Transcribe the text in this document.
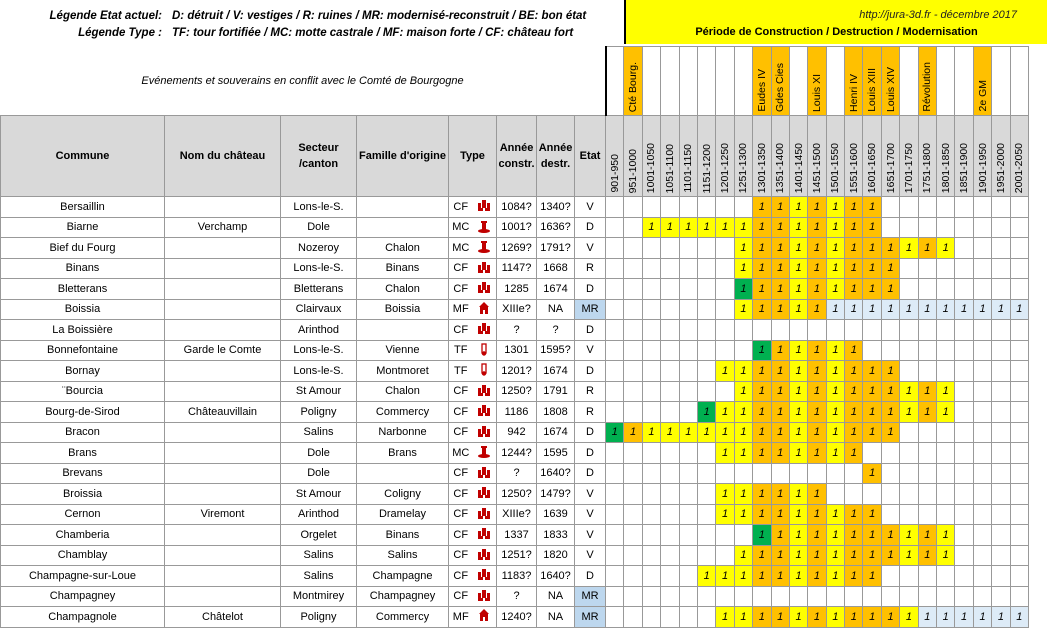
Légende Etat actuel: D: détruit / V: vestiges / R: ruines / MR: modernisé-reconstruit / BE: bon état
Légende Type : TF: tour fortifiée / MC: motte castrale / MF: maison forte / CF: château fort
http://jura-3d.fr - décembre 2017
Période de Construction / Destruction / Modernisation
Evénements et souverains en conflit avec le Comté de Bourgogne										Cté Bourg.							Eudes IV	Gdes Cies		Louis XI		Henri IV	Louis XIII	Louis XIV		Révolution			2e GM		
Commune	Nom du château	Secteur /canton	Famille d'origine	Type		Année constr.	Année destr.	Etat	901-950	951-1000	1001-1050	1051-1100	1101-1150	1151-1200	1201-1250	1251-1300	1301-1350	1351-1400	1401-1450	1451-1500	1501-1550	1551-1600	1601-1650	1651-1700	1701-1750	1751-1800	1801-1850	1851-1900	1901-1950	1951-2000	2001-2050
Bersaillin		Lons-le-S.		CF		1084?	1340?	V									1	1	1	1	1	1	1								
Biarne	Verchamp	Dole		MC		1001?	1636?	D			1	1	1	1	1	1	1	1	1	1	1	1	1								
Bief du Fourg		Nozeroy	Chalon	MC		1269?	1791?	V								1	1	1	1	1	1	1	1	1	1	1	1				
Binans		Lons-le-S.	Binans	CF		1147?	1668	R								1	1	1	1	1	1	1	1	1							
Bletterans		Bletterans	Chalon	CF		1285	1674	D								1	1	1	1	1	1	1	1	1							
Boissia		Clairvaux	Boissia	MF		XIIIe?	NA	MR								1	1	1	1	1	1	1	1	1	1	1	1	1	1	1	1
La Boissière		Arinthod		CF		?	?	D																							
Bonnefontaine	Garde le Comte	Lons-le-S.	Vienne	TF		1301	1595?	V									1	1	1	1	1	1									
Bornay		Lons-le-S.	Montmoret	TF		1201?	1674	D							1	1	1	1	1	1	1	1	1	1							
¨Bourcia		St Amour	Chalon	CF		1250?	1791	R								1	1	1	1	1	1	1	1	1	1	1	1				
Bourg-de-Sirod	Châteauvillain	Poligny	Commercy	CF		1186	1808	R						1	1	1	1	1	1	1	1	1	1	1	1	1	1				
Bracon		Salins	Narbonne	CF		942	1674	D	1	1	1	1	1	1	1	1	1	1	1	1	1	1	1	1							
Brans		Dole	Brans	MC		1244?	1595	D							1	1	1	1	1	1	1	1									
Brevans		Dole		CF		?	1640?	D															1								
Broissia		St Amour	Coligny	CF		1250?	1479?	V							1	1	1	1	1	1											
Cernon	Viremont	Arinthod	Dramelay	CF		XIIIe?	1639	V							1	1	1	1	1	1	1	1	1								
Chamberia		Orgelet	Binans	CF		1337	1833	V									1	1	1	1	1	1	1	1	1	1	1				
Chamblay		Salins	Salins	CF		1251?	1820	V								1	1	1	1	1	1	1	1	1	1	1	1				
Champagne-sur-Loue		Salins	Champagne	CF		1183?	1640?	D						1	1	1	1	1	1	1	1	1	1								
Champagney		Montmirey	Champagney	CF		?	NA	MR																							
Champagnole	Châtelot	Poligny	Commercy	MF		1240?	NA	MR							1	1	1	1	1	1	1	1	1	1	1	1	1	1	1	1	1
